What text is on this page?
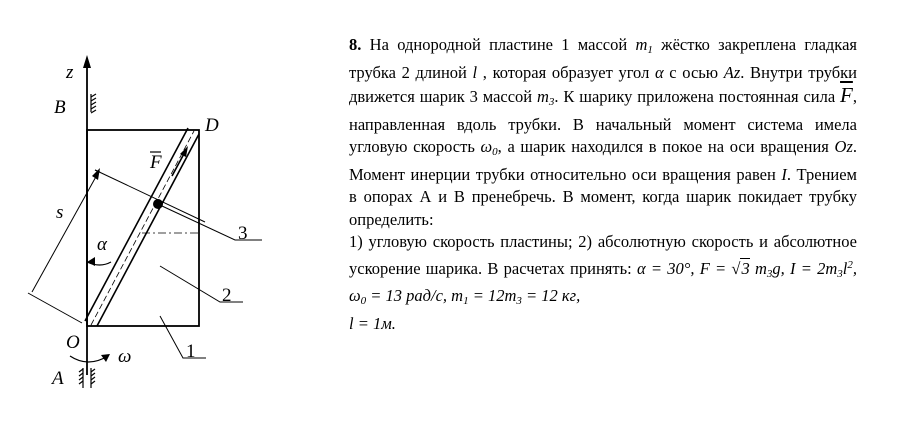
z
B
D
s
F
α
3
2
O
ω	1
A

8. На однородной пластине 1 массой $m_1$ жёстко закреплена гладкая трубка 2 длиной l , которая образует угол α с осью Az. Внутри трубки движется шарик 3 массой $m_3$. К шарику приложена постоянная сила $\overline{F}$, направленная вдоль трубки. В начальный момент система имела угловую скорость $\omega_0$, а шарик находился в покое на оси вращения Oz. Момент инерции трубки относительно оси вращения равен I. Трением в опорах А и В пренебречь. В момент, когда шарик покидает трубку определить:

1) угловую скорость пластины; 2) абсолютную скорость и абсолютное ускорение шарика. В расчетах принять: α = 30°, F = √3 $m_3g$, $I = 2m_3l^2$, $\omega_0 = 13$ рад/с, $m_1 = 12m_3 = 12$ кг,
l = 1м.
